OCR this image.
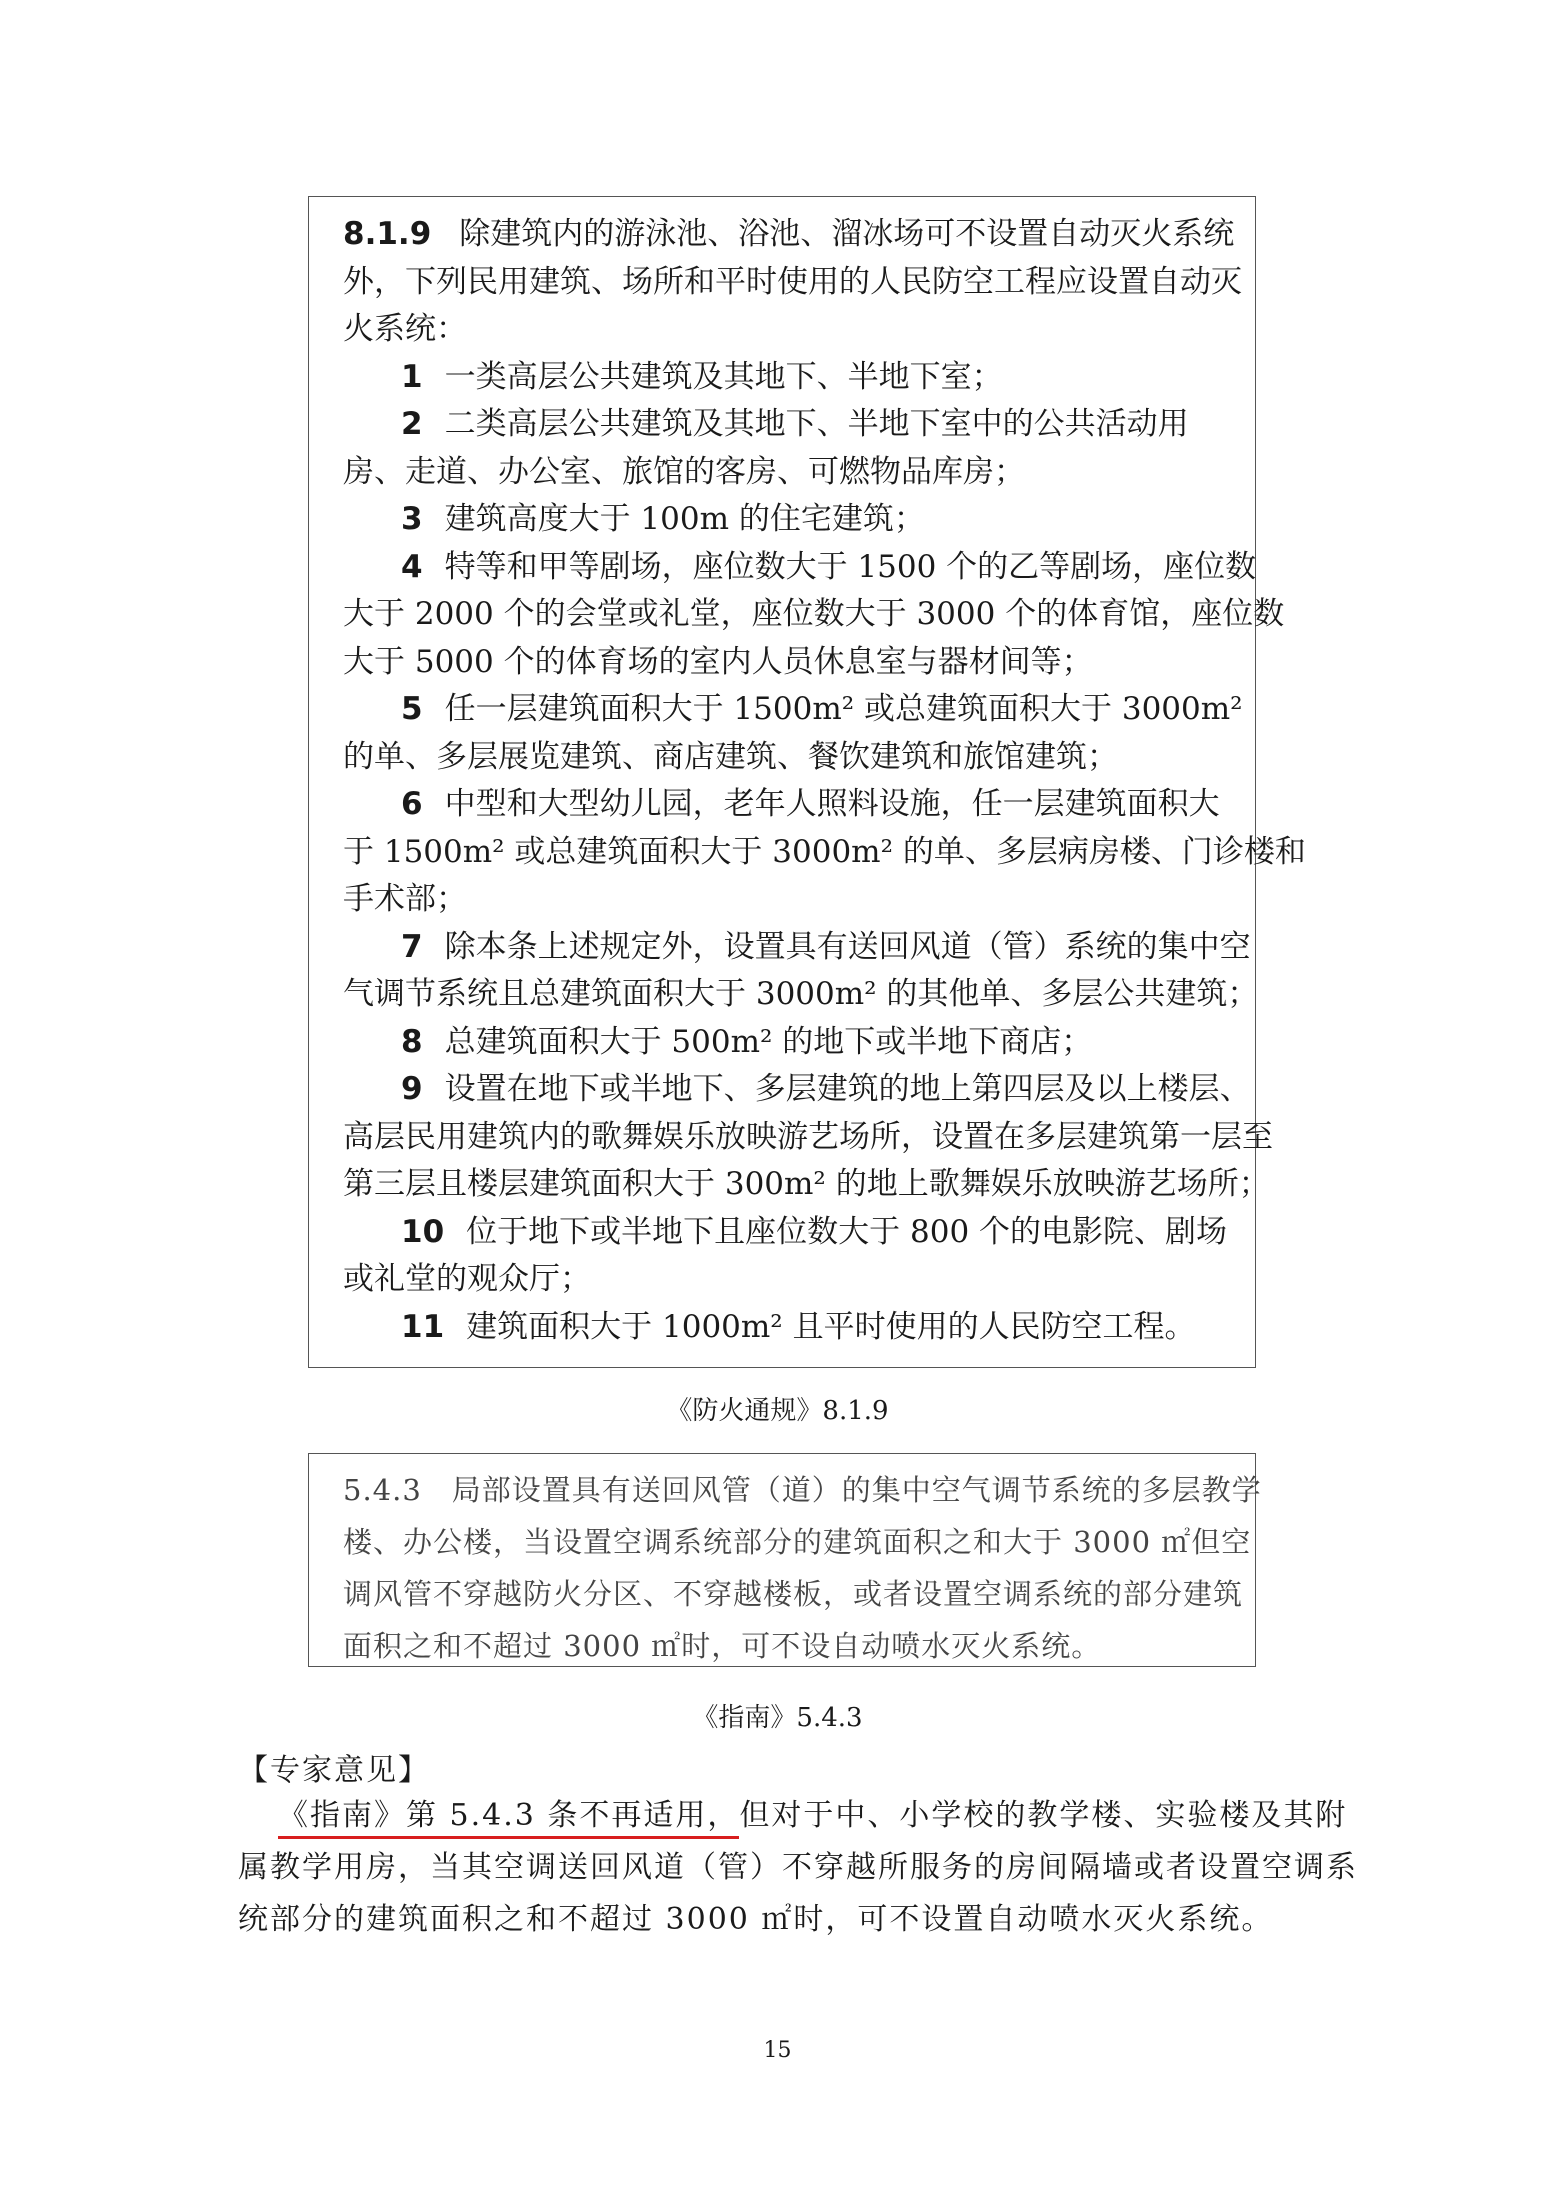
8.1.9 除建筑内的游泳池、浴池、溜冰场可不设置自动灭火系统
外，下列民用建筑、场所和平时使用的人民防空工程应设置自动灭
火系统：
1 一类高层公共建筑及其地下、半地下室；
2 二类高层公共建筑及其地下、半地下室中的公共活动用
房、走道、办公室、旅馆的客房、可燃物品库房；
3 建筑高度大于 100m 的住宅建筑；
4 特等和甲等剧场，座位数大于 1500 个的乙等剧场，座位数
大于 2000 个的会堂或礼堂，座位数大于 3000 个的体育馆，座位数
大于 5000 个的体育场的室内人员休息室与器材间等；
5 任一层建筑面积大于 1500m² 或总建筑面积大于 3000m²
的单、多层展览建筑、商店建筑、餐饮建筑和旅馆建筑；
6 中型和大型幼儿园，老年人照料设施，任一层建筑面积大
于 1500m² 或总建筑面积大于 3000m² 的单、多层病房楼、门诊楼和
手术部；
7 除本条上述规定外，设置具有送回风道（管）系统的集中空
气调节系统且总建筑面积大于 3000m² 的其他单、多层公共建筑；
8 总建筑面积大于 500m² 的地下或半地下商店；
9 设置在地下或半地下、多层建筑的地上第四层及以上楼层、
高层民用建筑内的歌舞娱乐放映游艺场所，设置在多层建筑第一层至
第三层且楼层建筑面积大于 300m² 的地上歌舞娱乐放映游艺场所；
10 位于地下或半地下且座位数大于 800 个的电影院、剧场
或礼堂的观众厅；
11 建筑面积大于 1000m² 且平时使用的人民防空工程。
《防火通规》8.1.9
5.4.3　局部设置具有送回风管（道）的集中空气调节系统的多层教学
楼、办公楼，当设置空调系统部分的建筑面积之和大于 3000 ㎡但空
调风管不穿越防火分区、不穿越楼板，或者设置空调系统的部分建筑
面积之和不超过 3000 ㎡时，可不设自动喷水灭火系统。
《指南》5.4.3
【专家意见】
《指南》第 5.4.3 条不再适用，但对于中、小学校的教学楼、实验楼及其附
属教学用房，当其空调送回风道（管）不穿越所服务的房间隔墙或者设置空调系
统部分的建筑面积之和不超过 3000 ㎡时，可不设置自动喷水灭火系统。
15
